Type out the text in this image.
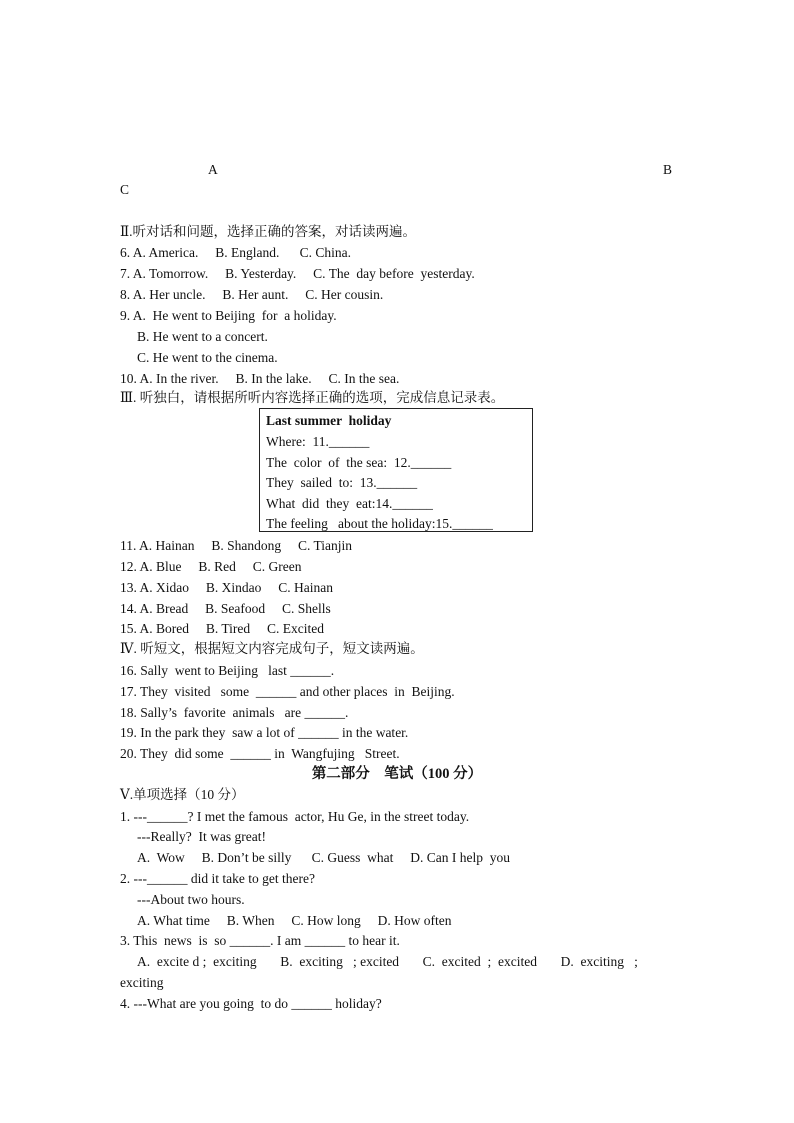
A	B
C
Ⅱ.听对话和问题，选择正确的答案，对话读两遍。
6. A. America.     B. England.      C. China.
7. A. Tomorrow.     B. Yesterday.     C. The  day before  yesterday.
8. A. Her uncle.     B. Her aunt.     C. Her cousin.
9. A.  He went to Beijing  for  a holiday.
B. He went to a concert.
C. He went to the cinema.
10. A. In the river.     B. In the lake.     C. In the sea.
Ⅲ. 听独白，请根据所听内容选择正确的选项，完成信息记录表。
Last summer  holiday
Where:  11.______
The  color  of  the sea:  12.______
They  sailed  to:  13.______
What  did  they  eat:14.______
The feeling   about the holiday:15.______
11. A. Hainan     B. Shandong     C. Tianjin
12. A. Blue     B. Red     C. Green
13. A. Xidao     B. Xindao     C. Hainan
14. A. Bread     B. Seafood     C. Shells
15. A. Bored     B. Tired     C. Excited
Ⅳ. 听短文，根据短文内容完成句子，短文读两遍。
16. Sally  went to Beijing   last ______.
17. They  visited   some  ______ and other places  in  Beijing.
18. Sally’s  favorite  animals   are ______.
19. In the park they  saw a lot of ______ in the water.
20. They  did some  ______ in  Wangfujing   Street.
第二部分    笔试（100 分）
Ⅴ.单项选择（10 分）
1. ---______? I met the famous  actor, Hu Ge, in the street today.
---Really?  It was great!
A.  Wow     B. Don’t be silly      C. Guess  what     D. Can I help  you
2. ---______ did it take to get there?
---About two hours.
A. What time     B. When     C. How long     D. How often
3. This  news  is  so ______. I am ______ to hear it.
A.  excite d ;  exciting       B.  exciting   ; excited       C.  excited  ;  excited       D.  exciting   ;
exciting
4. ---What are you going  to do ______ holiday?
